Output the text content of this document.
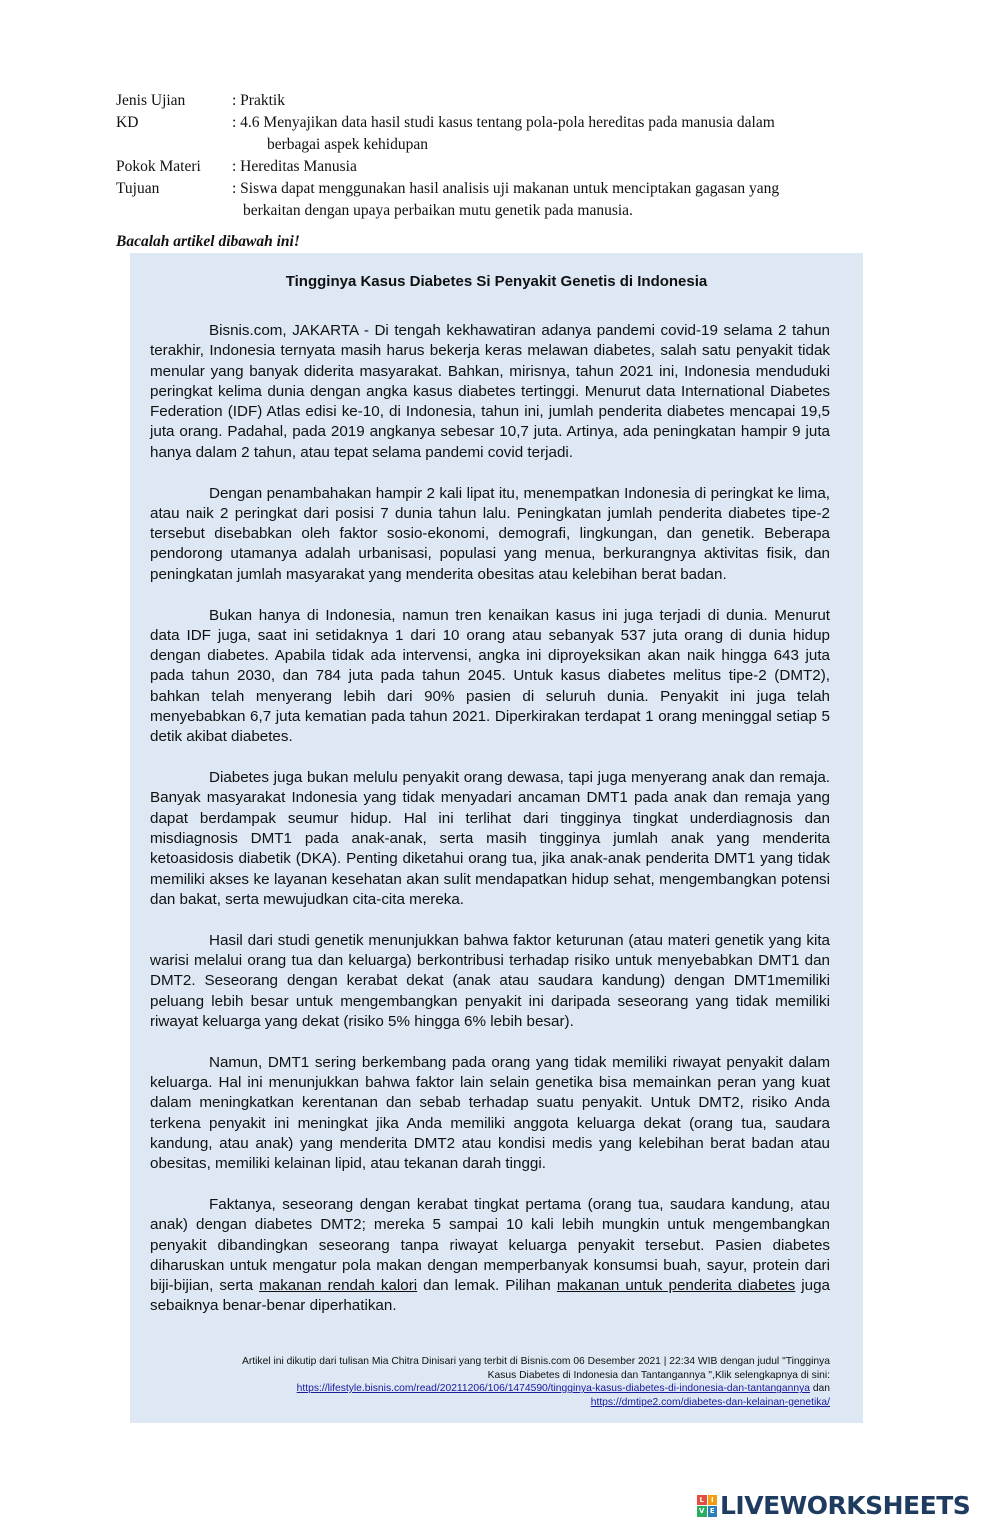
Jenis Ujian	: Praktik
KD	: 4.6 Menyajikan data hasil studi kasus tentang pola-pola hereditas pada manusia dalam
berbagai aspek kehidupan
Pokok Materi	: Hereditas Manusia
Tujuan	: Siswa dapat menggunakan hasil analisis uji makanan untuk menciptakan gagasan yang
berkaitan dengan upaya perbaikan mutu genetik pada manusia.
Bacalah artikel dibawah ini!
Tingginya Kasus Diabetes Si Penyakit Genetis di Indonesia

Bisnis.com, JAKARTA - Di tengah kekhawatiran adanya pandemi covid-19 selama 2 tahun terakhir, Indonesia ternyata masih harus bekerja keras melawan diabetes, salah satu penyakit tidak menular yang banyak diderita masyarakat. Bahkan, mirisnya, tahun 2021 ini, Indonesia menduduki peringkat kelima dunia dengan angka kasus diabetes tertinggi. Menurut data International Diabetes Federation (IDF) Atlas edisi ke-10, di Indonesia, tahun ini, jumlah penderita diabetes mencapai 19,5 juta orang. Padahal, pada 2019 angkanya sebesar 10,7 juta. Artinya, ada peningkatan hampir 9 juta hanya dalam 2 tahun, atau tepat selama pandemi covid terjadi.

Dengan penambahakan hampir 2 kali lipat itu, menempatkan Indonesia di peringkat ke lima, atau naik 2 peringkat dari posisi 7 dunia tahun lalu. Peningkatan jumlah penderita diabetes tipe-2 tersebut disebabkan oleh faktor sosio-ekonomi, demografi, lingkungan, dan genetik. Beberapa pendorong utamanya adalah urbanisasi, populasi yang menua, berkurangnya aktivitas fisik, dan peningkatan jumlah masyarakat yang menderita obesitas atau kelebihan berat badan.

Bukan hanya di Indonesia, namun tren kenaikan kasus ini juga terjadi di dunia. Menurut data IDF juga, saat ini setidaknya 1 dari 10 orang atau sebanyak 537 juta orang di dunia hidup dengan diabetes. Apabila tidak ada intervensi, angka ini diproyeksikan akan naik hingga 643 juta pada tahun 2030, dan 784 juta pada tahun 2045. Untuk kasus diabetes melitus tipe-2 (DMT2), bahkan telah menyerang lebih dari 90% pasien di seluruh dunia. Penyakit ini juga telah menyebabkan 6,7 juta kematian pada tahun 2021. Diperkirakan terdapat 1 orang meninggal setiap 5 detik akibat diabetes.

Diabetes juga bukan melulu penyakit orang dewasa, tapi juga menyerang anak dan remaja. Banyak masyarakat Indonesia yang tidak menyadari ancaman DMT1 pada anak dan remaja yang dapat berdampak seumur hidup. Hal ini terlihat dari tingginya tingkat underdiagnosis dan misdiagnosis DMT1 pada anak-anak, serta masih tingginya jumlah anak yang menderita ketoasidosis diabetik (DKA). Penting diketahui orang tua, jika anak-anak penderita DMT1 yang tidak memiliki akses ke layanan kesehatan akan sulit mendapatkan hidup sehat, mengembangkan potensi dan bakat, serta mewujudkan cita-cita mereka.

Hasil dari studi genetik menunjukkan bahwa faktor keturunan (atau materi genetik yang kita warisi melalui orang tua dan keluarga) berkontribusi terhadap risiko untuk menyebabkan DMT1 dan DMT2. Seseorang dengan kerabat dekat (anak atau saudara kandung) dengan DMT1memiliki peluang lebih besar untuk mengembangkan penyakit ini daripada seseorang yang tidak memiliki riwayat keluarga yang dekat (risiko 5% hingga 6% lebih besar).

Namun, DMT1 sering berkembang pada orang yang tidak memiliki riwayat penyakit dalam keluarga. Hal ini menunjukkan bahwa faktor lain selain genetika bisa memainkan peran yang kuat dalam meningkatkan kerentanan dan sebab terhadap suatu penyakit. Untuk DMT2, risiko Anda terkena penyakit ini meningkat jika Anda memiliki anggota keluarga dekat (orang tua, saudara kandung, atau anak) yang menderita DMT2 atau kondisi medis yang kelebihan berat badan atau obesitas, memiliki kelainan lipid, atau tekanan darah tinggi.

Faktanya, seseorang dengan kerabat tingkat pertama (orang tua, saudara kandung, atau anak) dengan diabetes DMT2; mereka 5 sampai 10 kali lebih mungkin untuk mengembangkan penyakit dibandingkan seseorang tanpa riwayat keluarga penyakit tersebut. Pasien diabetes diharuskan untuk mengatur pola makan dengan memperbanyak konsumsi buah, sayur, protein dari biji-bijian, serta makanan rendah kalori dan lemak. Pilihan makanan untuk penderita diabetes juga sebaiknya benar-benar diperhatikan.

Artikel ini dikutip dari tulisan Mia Chitra Dinisari yang terbit di Bisnis.com 06 Desember 2021 | 22:34 WIB dengan judul "Tingginya
Kasus Diabetes di Indonesia dan Tantangannya ",Klik selengkapnya di sini:
https://lifestyle.bisnis.com/read/20211206/106/1474590/tingginya-kasus-diabetes-di-indonesia-dan-tantangannya dan
https://dmtipe2.com/diabetes-dan-kelainan-genetika/
L I
V E LIVEWORKSHEETS
